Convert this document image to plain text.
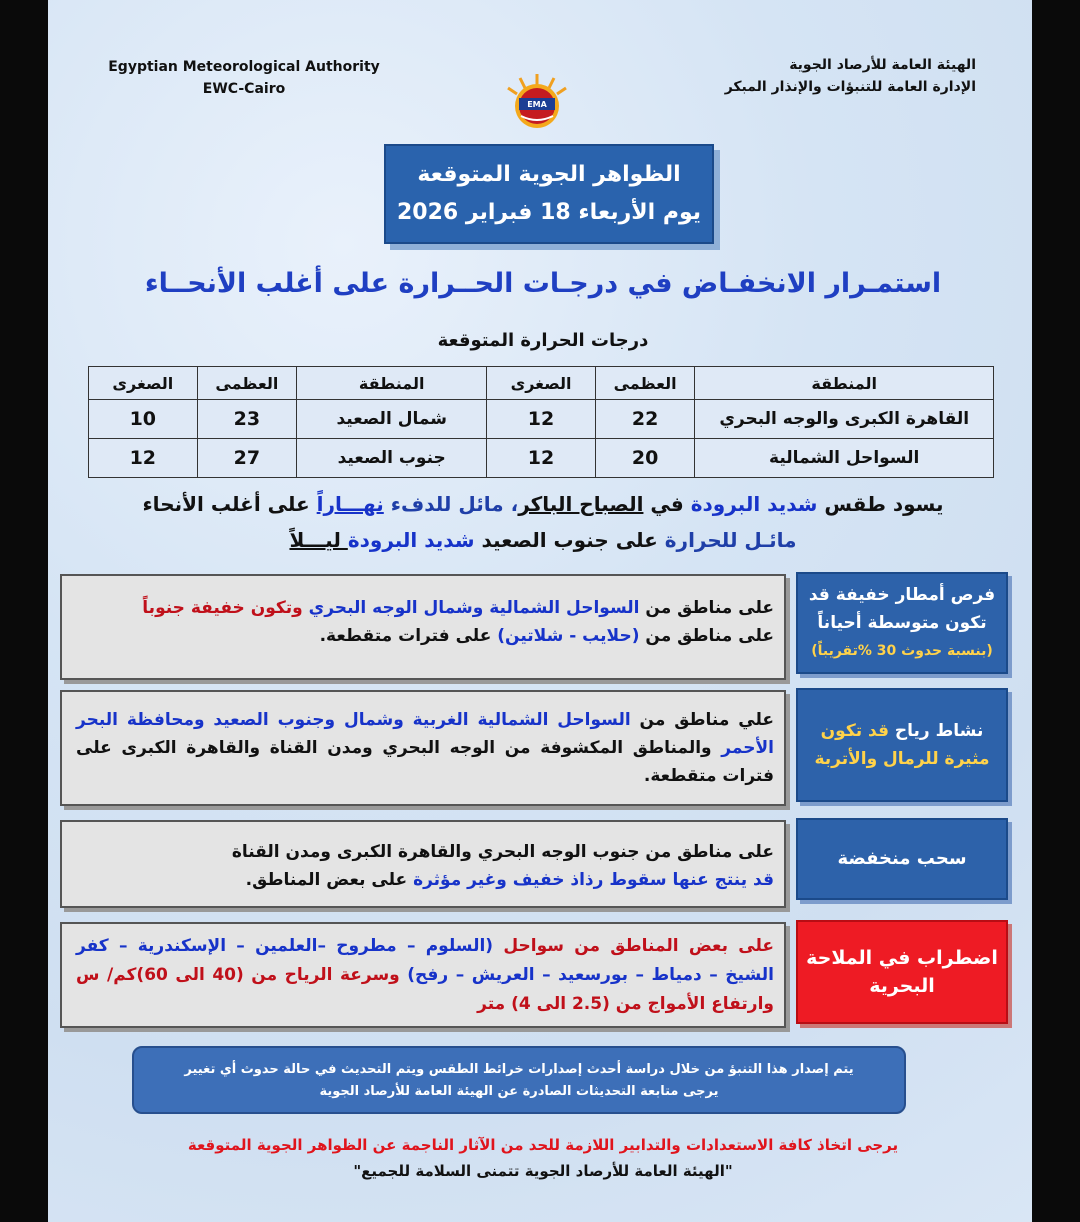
Egyptian Meteorological Authority
EWC-Cairo
EMA
الهيئة العامة للأرصاد الجوية
الإدارة العامة للتنبؤات والإنذار المبكر
الظواهر الجوية المتوقعة
يوم الأربعاء 18 فبراير 2026
استمـرار الانخفـاض في درجـات الحــرارة على أغلب الأنحــاء
درجات الحرارة المتوقعة
المنطقة	العظمى	الصغرى	المنطقة	العظمى	الصغرى
القاهرة الكبرى والوجه البحري	22	12	شمال الصعيد	23	10
السواحل الشمالية	20	12	جنوب الصعيد	27	12
يسود طقس شديد البرودة في الصباح الباكر، مائل للدفء نهـــاراً على أغلب الأنحاء
مائـل للحرارة على جنوب الصعيد شديد البرودة ليـــلاً
فرص أمطار خفيفة قد
تكون متوسطة أحياناً
(بنسبة حدوث 30 %تقريباً)
على مناطق من السواحل الشمالية وشمال الوجه البحري وتكون خفيفة جنوباً
على مناطق من (حلايب - شلاتين) على فترات متقطعة.
نشاط رياح قد تكون
مثيرة للرمال والأتربة
علي مناطق من السواحل الشمالية الغربية وشمال وجنوب الصعيد ومحافظة البحر الأحمر والمناطق المكشوفة من الوجه البحري ومدن القناة والقاهرة الكبرى على فترات متقطعة.
سحب منخفضة
على مناطق من جنوب الوجه البحري والقاهرة الكبرى ومدن القناة
قد ينتج عنها سقوط رذاذ خفيف وغير مؤثرة على بعض المناطق.
اضطراب في الملاحة
البحرية
على بعض المناطق من سواحل (السلوم – مطروح –العلمين – الإسكندرية – كفر الشيخ – دمياط – بورسعيد – العريش – رفح) وسرعة الرياح من (40 الى 60)كم/ س وارتفاع الأمواج من (2.5 الى 4) متر
يتم إصدار هذا التنبؤ من خلال دراسة أحدث إصدارات خرائط الطقس ويتم التحديث في حالة حدوث أي تغيير
يرجى متابعة التحديثات الصادرة عن الهيئة العامة للأرصاد الجوية
يرجى اتخاذ كافة الاستعدادات والتدابير اللازمة للحد من الآثار الناجمة عن الظواهر الجوية المتوقعة
"الهيئة العامة للأرصاد الجوية تتمنى السلامة للجميع"
